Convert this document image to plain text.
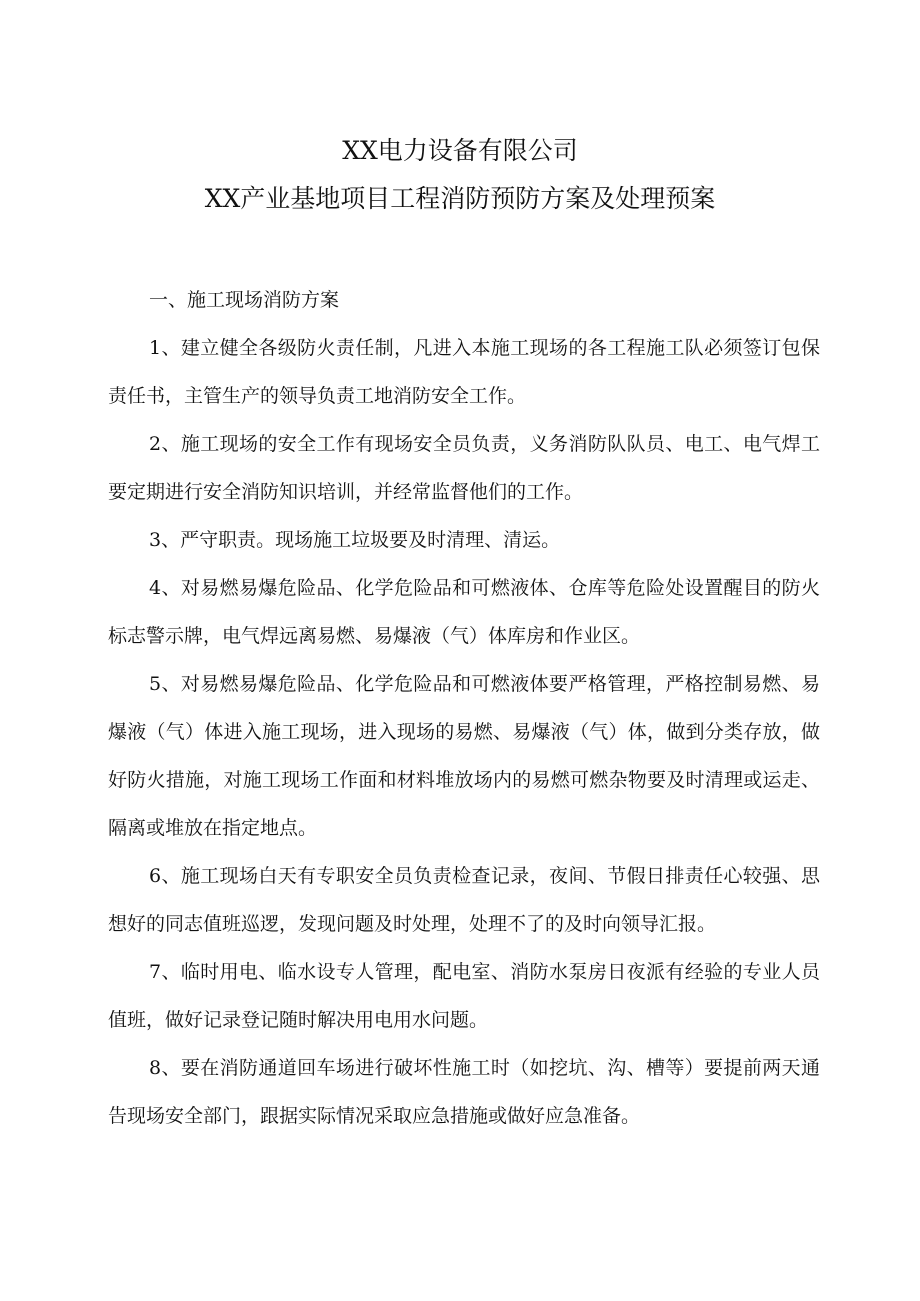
XX电力设备有限公司
XX产业基地项目工程消防预防方案及处理预案

一、施工现场消防方案

1、建立健全各级防火责任制，凡进入本施工现场的各工程施工队必须签订包保责任书，主管生产的领导负责工地消防安全工作。

2、施工现场的安全工作有现场安全员负责，义务消防队队员、电工、电气焊工要定期进行安全消防知识培训，并经常监督他们的工作。

3、严守职责。现场施工垃圾要及时清理、清运。

4、对易燃易爆危险品、化学危险品和可燃液体、仓库等危险处设置醒目的防火标志警示牌，电气焊远离易燃、易爆液（气）体库房和作业区。

5、对易燃易爆危险品、化学危险品和可燃液体要严格管理，严格控制易燃、易爆液（气）体进入施工现场，进入现场的易燃、易爆液（气）体，做到分类存放，做好防火措施，对施工现场工作面和材料堆放场内的易燃可燃杂物要及时清理或运走、隔离或堆放在指定地点。

6、施工现场白天有专职安全员负责检查记录，夜间、节假日排责任心较强、思想好的同志值班巡逻，发现问题及时处理，处理不了的及时向领导汇报。

7、临时用电、临水设专人管理，配电室、消防水泵房日夜派有经验的专业人员值班，做好记录登记随时解决用电用水问题。

8、要在消防通道回车场进行破坏性施工时（如挖坑、沟、槽等）要提前两天通告现场安全部门，跟据实际情况采取应急措施或做好应急准备。
